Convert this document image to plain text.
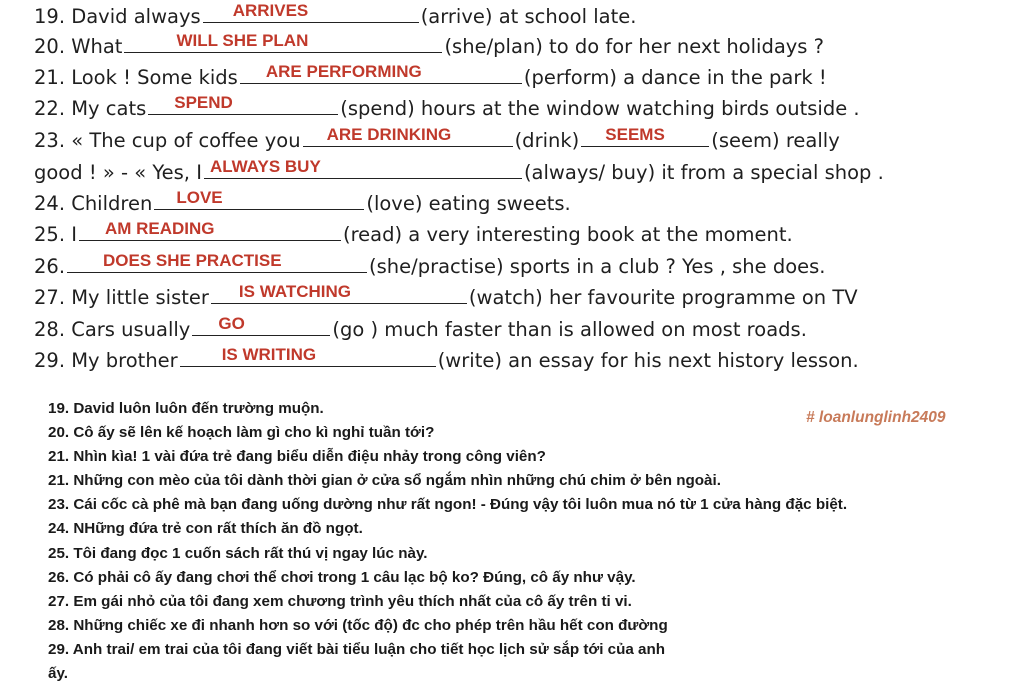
19. David always	ARRIVES	(arrive) at school late.
20. What	WILL SHE PLAN	(she/plan) to do for her next holidays ?
21. Look ! Some kids	ARE PERFORMING	(perform) a dance in the park !
22. My cats	SPEND	(spend) hours at the window watching birds outside .
23. « The cup of coffee you	ARE DRINKING	(drink)	SEEMS	(seem) really
good ! » - « Yes, I ALWAYS BUY	(always/ buy) it from a special shop .
24. Children	LOVE	(love) eating sweets.
25. I	AM READING	(read) a very interesting book at the moment.
26.	DOES SHE PRACTISE	(she/practise) sports in a club ? Yes , she does.
27. My little sister	IS WATCHING	(watch) her favourite programme on TV
28. Cars usually	GO	(go ) much faster than is allowed on most roads.
29. My brother	IS WRITING	(write) an essay for his next history lesson.
19. David luôn luôn đến trường muộn.
20. Cô ấy sẽ lên kế hoạch làm gì cho kì nghỉ tuần tới?
21. Nhìn kìa! 1 vài đứa trẻ đang biểu diễn điệu nhảy trong công viên?
21. Những con mèo của tôi dành thời gian ở cửa sổ ngắm nhìn những chú chim ở bên ngoài.
23. Cái cốc cà phê mà bạn đang uống dường như rất ngon! - Đúng vậy tôi luôn mua nó từ 1 cửa hàng đặc biệt.
24. NHững đứa trẻ con rất thích ăn đồ ngọt.
25. Tôi đang đọc 1 cuốn sách rất thú vị ngay lúc này.
26. Có phải cô ấy đang chơi thể chơi trong 1 câu lạc bộ ko? Đúng, cô ấy như vậy.
27. Em gái nhỏ của tôi đang xem chương trình yêu thích nhất của cô ấy trên ti vi.
28. Những chiếc xe đi nhanh hơn so với (tốc độ) đc cho phép trên hầu hết con đường
29. Anh trai/ em trai của tôi đang viết bài tiểu luận cho tiết học lịch sử sắp tới của anh
ấy.
# loanlunglinh2409
